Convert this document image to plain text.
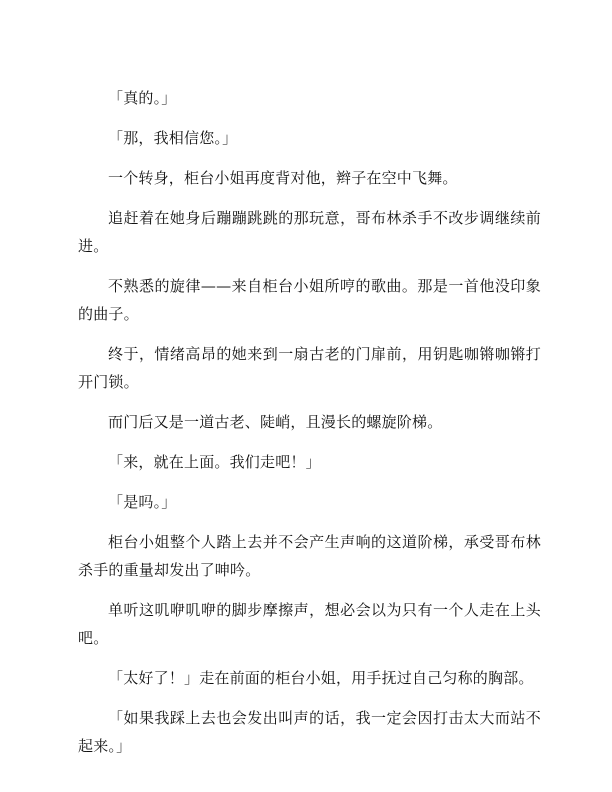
「真的。」

「那，我相信您。」

一个转身，柜台小姐再度背对他，辫子在空中飞舞。

追赶着在她身后蹦蹦跳跳的那玩意，哥布林杀手不改步调继续前进。

不熟悉的旋律——来自柜台小姐所哼的歌曲。那是一首他没印象的曲子。

终于，情绪高昂的她来到一扇古老的门扉前，用钥匙咖锵咖锵打开门锁。

而门后又是一道古老、陡峭，且漫长的螺旋阶梯。

「来，就在上面。我们走吧！」

「是吗。」

柜台小姐整个人踏上去并不会产生声响的这道阶梯，承受哥布林杀手的重量却发出了呻吟。

单听这叽咿叽咿的脚步摩擦声，想必会以为只有一个人走在上头吧。

「太好了！」走在前面的柜台小姐，用手抚过自己匀称的胸部。

「如果我踩上去也会发出叫声的话，我一定会因打击太大而站不起来。」
